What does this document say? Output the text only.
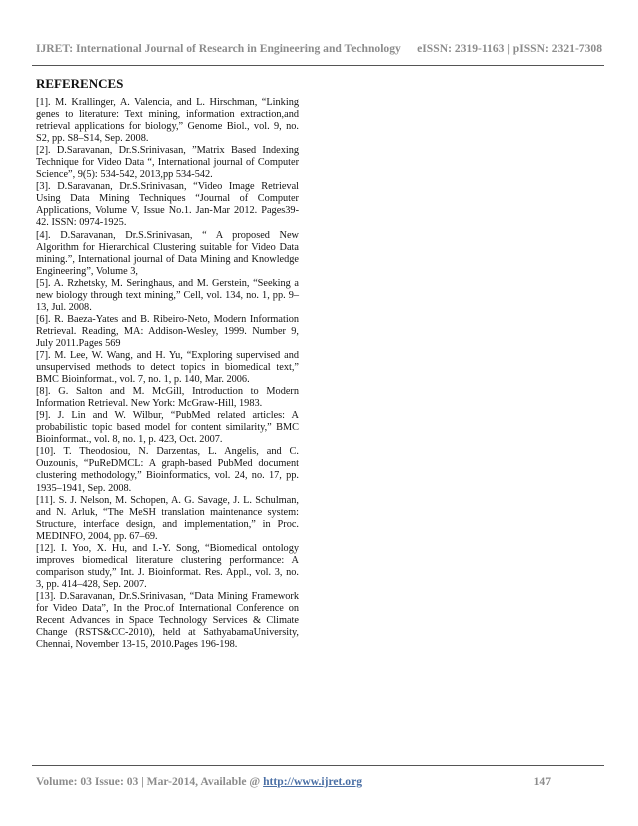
IJRET: International Journal of Research in Engineering and Technology eISSN: 2319-1163 | pISSN: 2321-7308
REFERENCES

[1]. M. Krallinger, A. Valencia, and L. Hirschman, “Linking genes to literature: Text mining, information extraction,and retrieval applications for biology,” Genome Biol., vol. 9, no. S2, pp. S8–S14, Sep. 2008.

[2]. D.Saravanan, Dr.S.Srinivasan, ”Matrix Based Indexing Technique for Video Data “, International journal of Computer Science”, 9(5): 534-542, 2013,pp 534-542.

[3]. D.Saravanan, Dr.S.Srinivasan, “Video Image Retrieval Using Data Mining Techniques “Journal of Computer Applications, Volume V, Issue No.1. Jan-Mar 2012. Pages39-42. ISSN: 0974-1925.

[4]. D.Saravanan, Dr.S.Srinivasan, “ A proposed New Algorithm for Hierarchical Clustering suitable for Video Data mining.”, International journal of Data Mining and Knowledge Engineering”, Volume 3,

[5]. A. Rzhetsky, M. Seringhaus, and M. Gerstein, “Seeking a new biology through text mining,” Cell, vol. 134, no. 1, pp. 9–13, Jul. 2008.

[6]. R. Baeza-Yates and B. Ribeiro-Neto, Modern Information Retrieval. Reading, MA: Addison-Wesley, 1999. Number 9, July 2011.Pages 569

[7]. M. Lee, W. Wang, and H. Yu, “Exploring supervised and unsupervised methods to detect topics in biomedical text,” BMC Bioinformat., vol. 7, no. 1, p. 140, Mar. 2006.

[8]. G. Salton and M. McGill, Introduction to Modern Information Retrieval. New York: McGraw-Hill, 1983.

[9]. J. Lin and W. Wilbur, “PubMed related articles: A probabilistic topic based model for content similarity,” BMC Bioinformat., vol. 8, no. 1, p. 423, Oct. 2007.

[10]. T. Theodosiou, N. Darzentas, L. Angelis, and C. Ouzounis, “PuReDMCL: A graph-based PubMed document clustering methodology,” Bioinformatics, vol. 24, no. 17, pp. 1935–1941, Sep. 2008.

[11]. S. J. Nelson, M. Schopen, A. G. Savage, J. L. Schulman, and N. Arluk, “The MeSH translation maintenance system: Structure, interface design, and implementation,” in Proc. MEDINFO, 2004, pp. 67–69.

[12]. I. Yoo, X. Hu, and I.-Y. Song, “Biomedical ontology improves biomedical literature clustering performance: A comparison study,” Int. J. Bioinformat. Res. Appl., vol. 3, no. 3, pp. 414–428, Sep. 2007.

[13]. D.Saravanan, Dr.S.Srinivasan, “Data Mining Framework for Video Data”, In the Proc.of International Conference on Recent Advances in Space Technology Services & Climate Change (RSTS&CC-2010), held at SathyabamaUniversity, Chennai, November 13-15, 2010.Pages 196-198.

Volume: 03 Issue: 03 | Mar-2014, Available @ http://www.ijret.org	147
